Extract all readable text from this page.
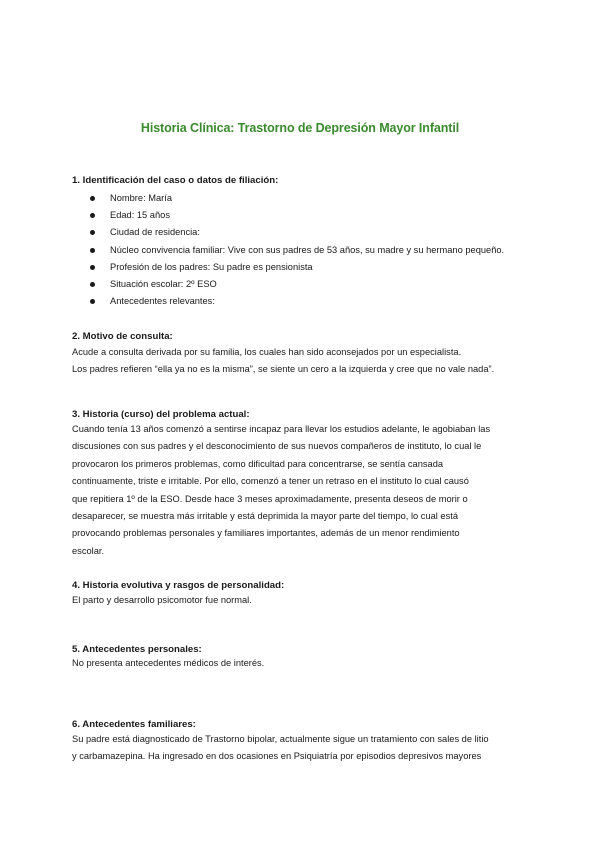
Historia Clínica: Trastorno de Depresión Mayor Infantil
1. Identificación del caso o datos de filiación:
Nombre: María
Edad: 15 años
Ciudad de residencia:
Núcleo convivencia familiar: Vive con sus padres de 53 años, su madre y su hermano pequeño.
Profesión de los padres: Su padre es pensionista
Situación escolar: 2º ESO
Antecedentes relevantes:
2. Motivo de consulta:

Acude a consulta derivada por su familia, los cuales han sido aconsejados por un especialista.

Los padres refieren “ella ya no es la misma”, se siente un cero a la izquierda y cree que no vale nada”.

3. Historia (curso) del problema actual:

Cuando tenía 13 años comenzó a sentirse incapaz para llevar los estudios adelante, le agobiaban las

discusiones con sus padres y el desconocimiento de sus nuevos compañeros de instituto, lo cual le

provocaron los primeros problemas, como dificultad para concentrarse, se sentía cansada

continuamente, triste e irritable. Por ello, comenzó a tener un retraso en el instituto lo cual causó

que repitiera 1º de la ESO. Desde hace 3 meses aproximadamente, presenta deseos de morir o

desaparecer, se muestra más irritable y está deprimida la mayor parte del tiempo, lo cual está

provocando problemas personales y familiares importantes, además de un menor rendimiento

escolar.

4. Historia evolutiva y rasgos de personalidad:

El parto y desarrollo psicomotor fue normal.

5. Antecedentes personales:

No presenta antecedentes médicos de interés.

6. Antecedentes familiares:

Su padre está diagnosticado de Trastorno bipolar, actualmente sigue un tratamiento con sales de litio

y carbamazepina. Ha ingresado en dos ocasiones en Psiquiatría por episodios depresivos mayores
